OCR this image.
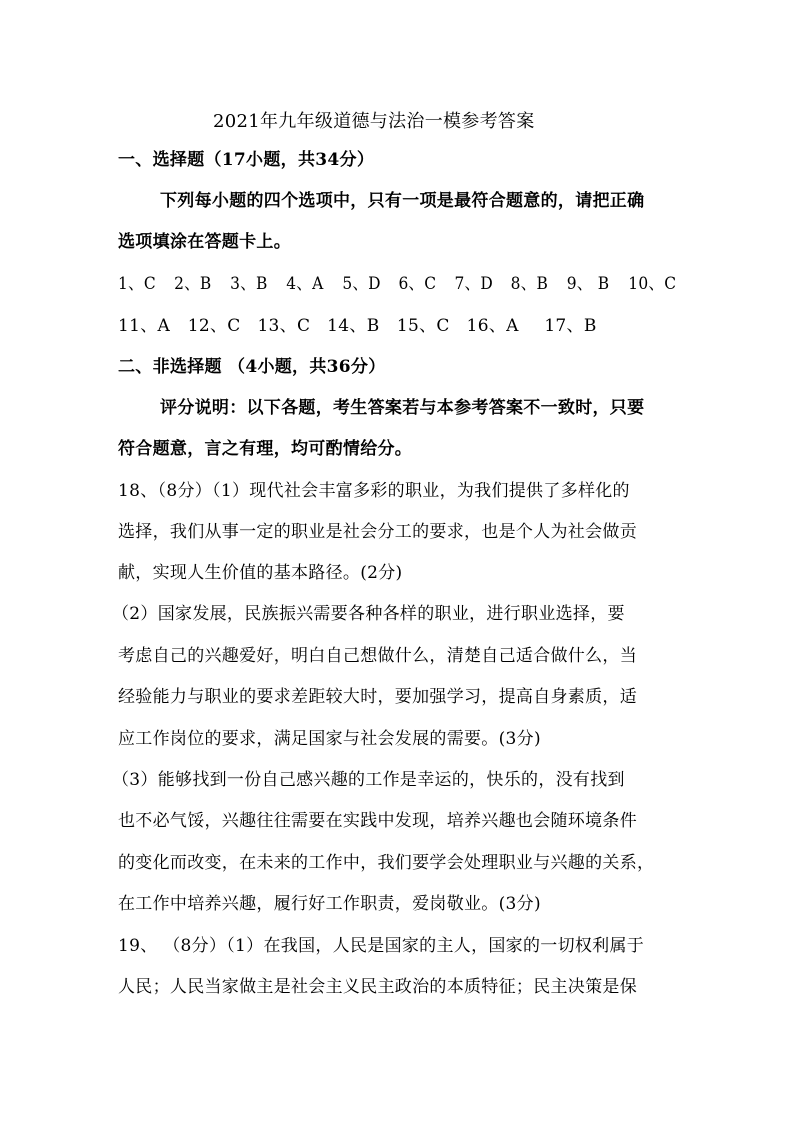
2021年九年级道德与法治一模参考答案
一、选择题（17小题，共34分）
下列每小题的四个选项中，只有一项是最符合题意的，请把正确
选项填涂在答题卡上。
1、C 2、B 3、B 4、A 5、D 6、C 7、D 8、B 9、 B 10、C
11、A 12、C 13、C 14、B 15、C 16、A 17、B
二、非选择题 （4小题，共36分）
评分说明：以下各题，考生答案若与本参考答案不一致时，只要
符合题意，言之有理，均可酌情给分。
18、（8分）（1）现代社会丰富多彩的职业，为我们提供了多样化的
选择，我们从事一定的职业是社会分工的要求，也是个人为社会做贡
献，实现人生价值的基本路径。(2分)
（2）国家发展，民族振兴需要各种各样的职业，进行职业选择，要
考虑自己的兴趣爱好，明白自己想做什么，清楚自己适合做什么，当
经验能力与职业的要求差距较大时，要加强学习，提高自身素质，适
应工作岗位的要求，满足国家与社会发展的需要。(3分)
（3）能够找到一份自己感兴趣的工作是幸运的，快乐的，没有找到
也不必气馁，兴趣往往需要在实践中发现，培养兴趣也会随环境条件
的变化而改变，在未来的工作中，我们要学会处理职业与兴趣的关系，
在工作中培养兴趣，履行好工作职责，爱岗敬业。(3分)
19、 （8分）（1）在我国，人民是国家的主人，国家的一切权利属于
人民；人民当家做主是社会主义民主政治的本质特征；民主决策是保
